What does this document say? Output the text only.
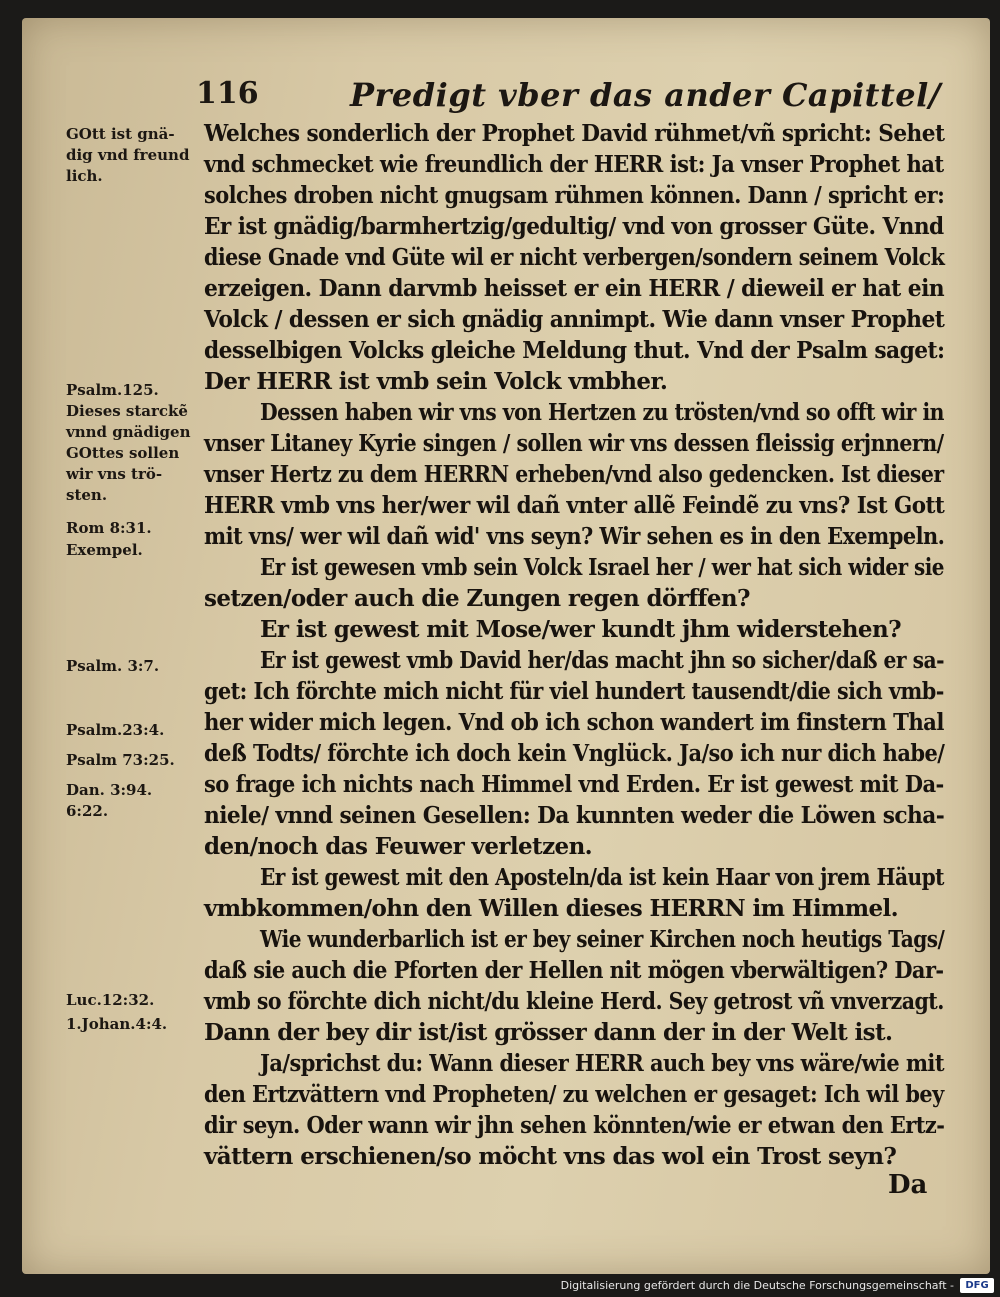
116	Predigt vber das ander Capittel/
GOtt ist gnä-
dig vnd freund
lich.
Psalm.125.
Dieses starckẽ
vnnd gnädigen
GOttes sollen
wir vns trö-
sten.
Rom 8:31.
Exempel.
Psalm. 3:7.
Psalm.23:4.
Psalm 73:25.
Dan. 3:94.
6:22.
Luc.12:32.
1.Johan.4:4.
Welches sonderlich der Prophet David rühmet/vñ spricht: Sehet
vnd schmecket wie freundlich der HERR ist: Ja vnser Prophet hat
solches droben nicht gnugsam rühmen können. Dann / spricht er:
Er ist gnädig/barmhertzig/gedultig/ vnd von grosser Güte. Vnnd
diese Gnade vnd Güte wil er nicht verbergen/sondern seinem Volck
erzeigen. Dann darvmb heisset er ein HERR / dieweil er hat ein
Volck / dessen er sich gnädig annimpt. Wie dann vnser Prophet
desselbigen Volcks gleiche Meldung thut. Vnd der Psalm saget:
Der HERR ist vmb sein Volck vmbher.
Dessen haben wir vns von Hertzen zu trösten/vnd so offt wir in
vnser Litaney Kyrie singen / sollen wir vns dessen fleissig erjnnern/
vnser Hertz zu dem HERRN erheben/vnd also gedencken. Ist dieser
HERR vmb vns her/wer wil dañ vnter allẽ Feindẽ zu vns? Ist Gott
mit vns/ wer wil dañ wid' vns seyn? Wir sehen es in den Exempeln.
Er ist gewesen vmb sein Volck Israel her / wer hat sich wider sie
setzen/oder auch die Zungen regen dörffen?
Er ist gewest mit Mose/wer kundt jhm widerstehen?
Er ist gewest vmb David her/das macht jhn so sicher/daß er sa-
get: Ich förchte mich nicht für viel hundert tausendt/die sich vmb-
her wider mich legen. Vnd ob ich schon wandert im finstern Thal
deß Todts/ förchte ich doch kein Vnglück. Ja/so ich nur dich habe/
so frage ich nichts nach Himmel vnd Erden. Er ist gewest mit Da-
niele/ vnnd seinen Gesellen: Da kunnten weder die Löwen scha-
den/noch das Feuwer verletzen.
Er ist gewest mit den Aposteln/da ist kein Haar von jrem Häupt
vmbkommen/ohn den Willen dieses HERRN im Himmel.
Wie wunderbarlich ist er bey seiner Kirchen noch heutigs Tags/
daß sie auch die Pforten der Hellen nit mögen vberwältigen? Dar-
vmb so förchte dich nicht/du kleine Herd. Sey getrost vñ vnverzagt.
Dann der bey dir ist/ist grösser dann der in der Welt ist.
Ja/sprichst du: Wann dieser HERR auch bey vns wäre/wie mit
den Ertzvättern vnd Propheten/ zu welchen er gesaget: Ich wil bey
dir seyn. Oder wann wir jhn sehen könnten/wie er etwan den Ertz-
vättern erschienen/so möcht vns das wol ein Trost seyn?
Da
Digitalisierung gefördert durch die Deutsche Forschungsgemeinschaft -	DFG
